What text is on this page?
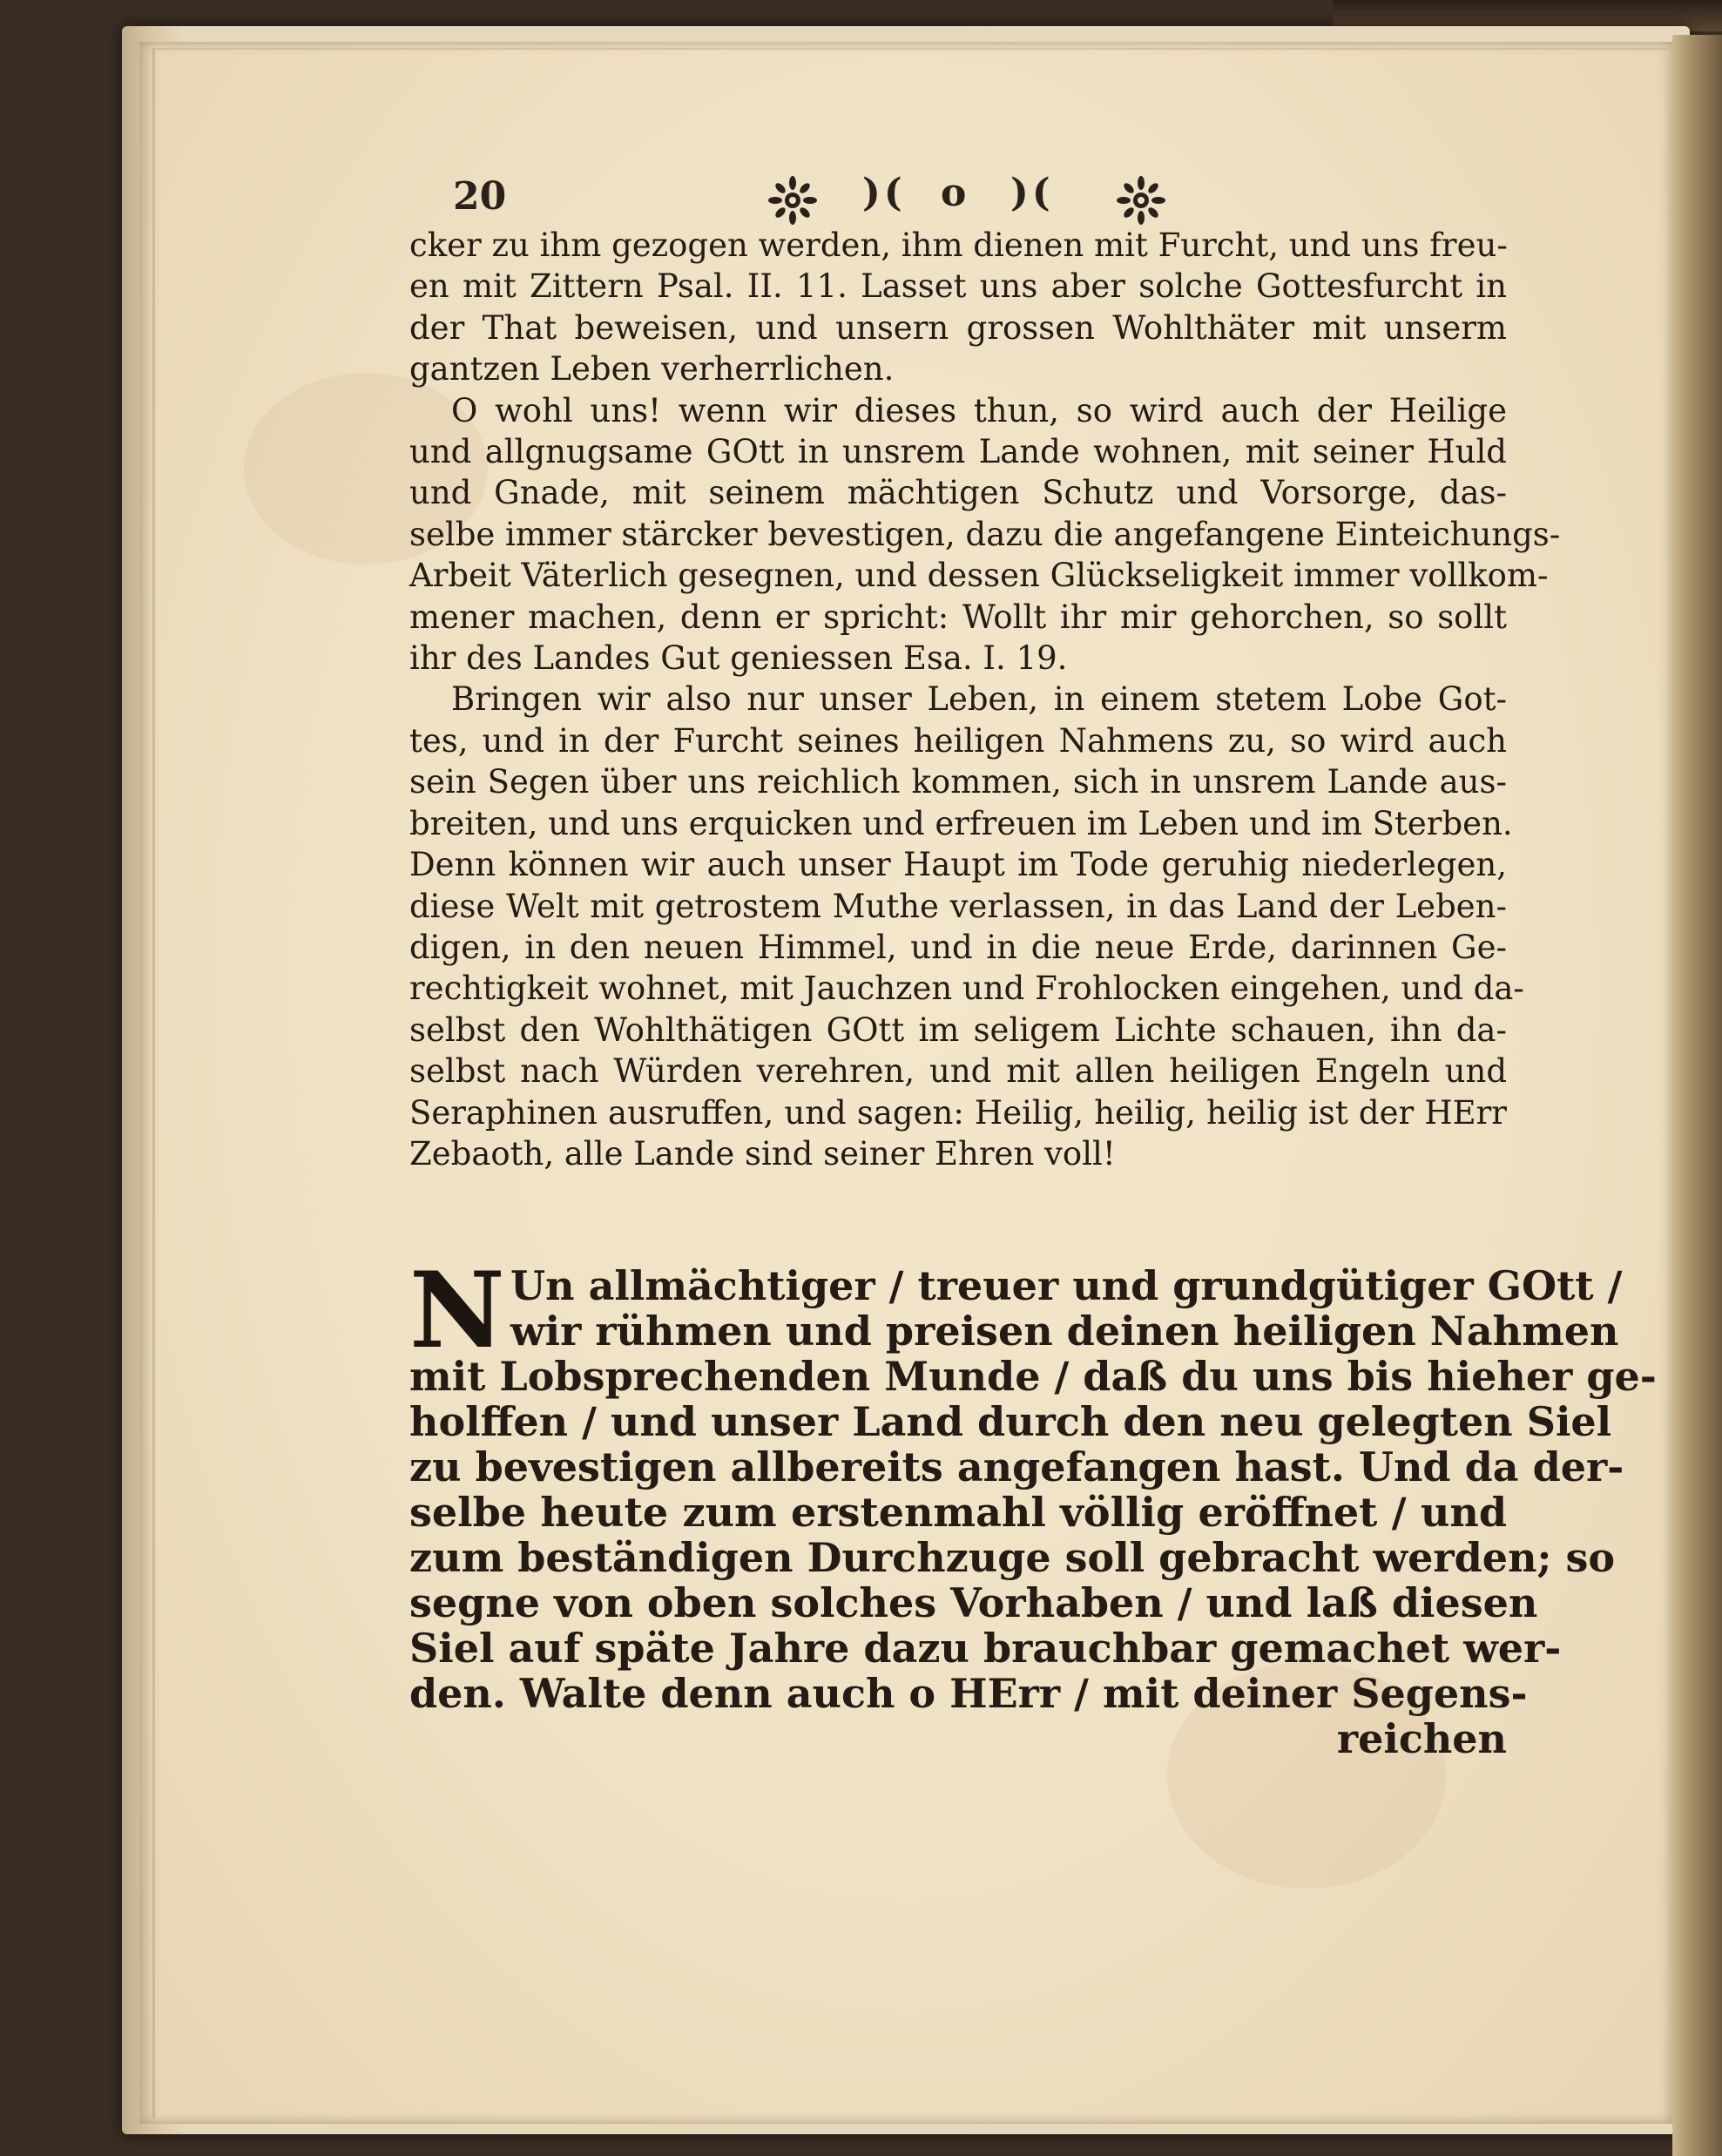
20	)( o )(
cker zu ihm gezogen werden, ihm dienen mit Furcht, und uns freu-
en mit Zittern Psal. II. 11. Lasset uns aber solche Gottesfurcht in
der That beweisen, und unsern grossen Wohlthäter mit unserm
gantzen Leben verherrlichen.
O wohl uns! wenn wir dieses thun, so wird auch der Heilige
und allgnugsame GOtt in unsrem Lande wohnen, mit seiner Huld
und Gnade, mit seinem mächtigen Schutz und Vorsorge, das-
selbe immer stärcker bevestigen, dazu die angefangene Einteichungs-
Arbeit Väterlich gesegnen, und dessen Glückseligkeit immer vollkom-
mener machen, denn er spricht: Wollt ihr mir gehorchen, so sollt
ihr des Landes Gut geniessen Esa. I. 19.
Bringen wir also nur unser Leben, in einem stetem Lobe Got-
tes, und in der Furcht seines heiligen Nahmens zu, so wird auch
sein Segen über uns reichlich kommen, sich in unsrem Lande aus-
breiten, und uns erquicken und erfreuen im Leben und im Sterben.
Denn können wir auch unser Haupt im Tode geruhig niederlegen,
diese Welt mit getrostem Muthe verlassen, in das Land der Leben-
digen, in den neuen Himmel, und in die neue Erde, darinnen Ge-
rechtigkeit wohnet, mit Jauchzen und Frohlocken eingehen, und da-
selbst den Wohlthätigen GOtt im seligem Lichte schauen, ihn da-
selbst nach Würden verehren, und mit allen heiligen Engeln und
Seraphinen ausruffen, und sagen: Heilig, heilig, heilig ist der HErr
Zebaoth, alle Lande sind seiner Ehren voll!
N Un allmächtiger / treuer und grundgütiger GOtt /
wir rühmen und preisen deinen heiligen Nahmen
mit Lobsprechenden Munde / daß du uns bis hieher ge-
holffen / und unser Land durch den neu gelegten Siel
zu bevestigen allbereits angefangen hast. Und da der-
selbe heute zum erstenmahl völlig eröffnet / und
zum beständigen Durchzuge soll gebracht werden; so
segne von oben solches Vorhaben / und laß diesen
Siel auf späte Jahre dazu brauchbar gemachet wer-
den. Walte denn auch o HErr / mit deiner Segens-
reichen
